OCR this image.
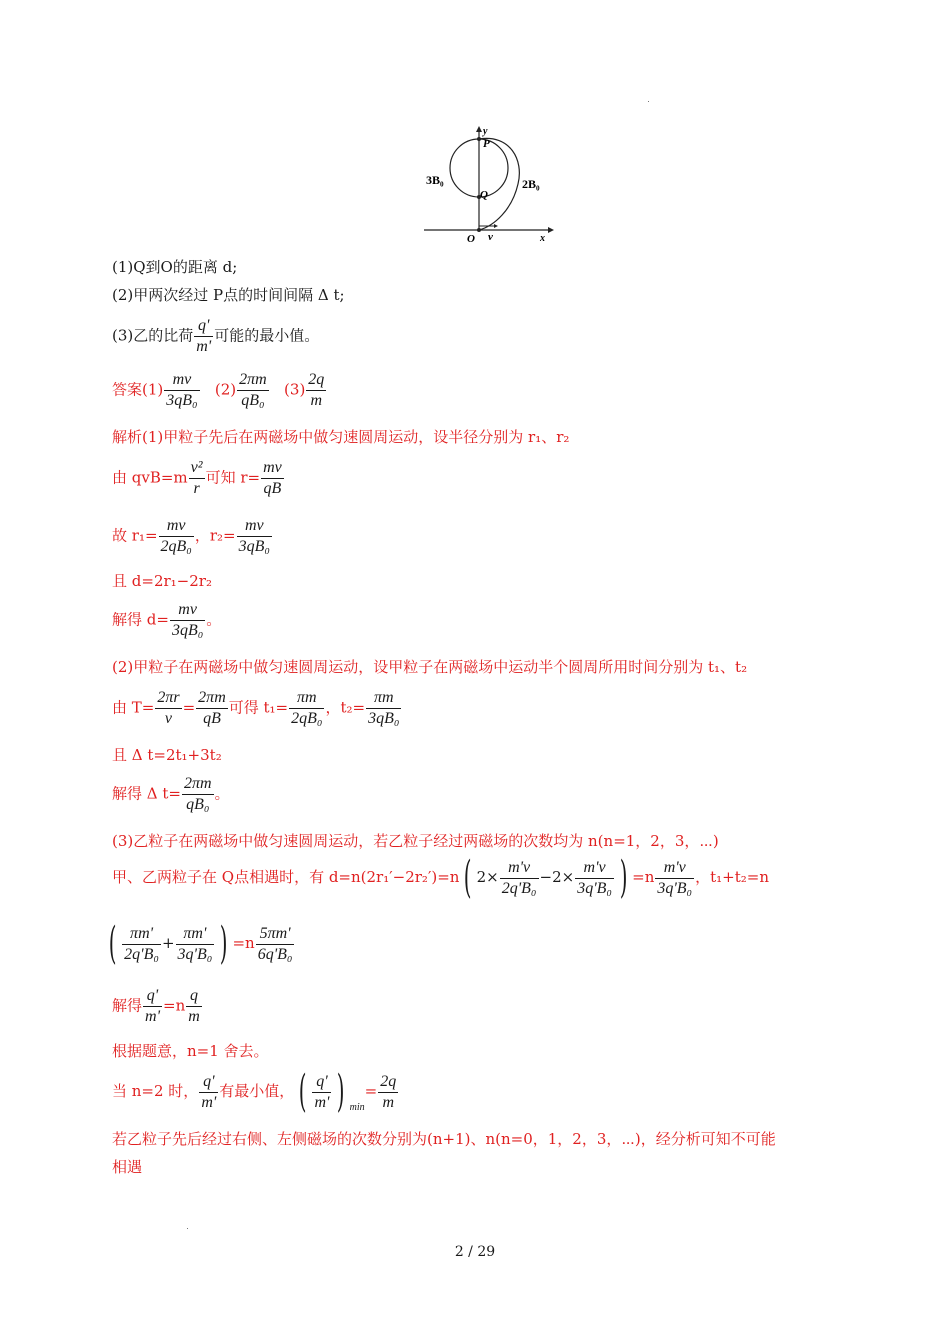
y
x
P
Q
O v
3B₀	2B₀
(1)Q到O的距离 d;
(2)甲两次经过 P点的时间间隔 Δ t;
(3)乙的比荷 $\frac{q'}{m'}$ 可能的最小值。
答案$(1) \frac{mv}{\text{3qB₀}} (2) \frac{2\pi m}{\text{qB₀}} (3) \frac{2q}{m}$
解析(1)甲粒子先后在两磁场中做匀速圆周运动，设半径分别为 r₁、r₂
由 $qvB=m \frac{\text{v²}}{r}$ 可知 $r= \frac{mv}{qB}$
故 $r_1= \frac{mv}{\text{2qB₀}}$ ，$r_2= \frac{mv}{\text{3qB₀}}$
且 d=2r₁−2r₂
解得 $d= \frac{mv}{\text{3qB₀}}$ 。
(2)甲粒子在两磁场中做匀速圆周运动，设甲粒子在两磁场中运动半个圆周所用时间分别为 t₁、t₂
由 $T= \frac{2\pi r}{v} = \frac{2\pi m}{qB}$ 可得 $t_1= \frac{\pi m}{\text{2qB₀}}$ ，$t_2= \frac{\pi m}{\text{3qB₀}}$
且 Δ t=2t₁+3t₂
解得 Δ $t= \frac{2\pi m}{\text{qB₀}}$ 。
(3)乙粒子在两磁场中做匀速圆周运动，若乙粒子经过两磁场的次数均为 n(n=1，2，3，⋯)
甲、乙两粒子在 Q点相遇时，有 d=n(2r₁′−2r₂′)=n ( $2\times \frac{m'v}{\text{2q'B₀}} -2\times \frac{m'v}{\text{3q'B₀}}$ ) $=n \frac{m'v}{\text{3q'B₀}}$ ，t₁+t₂=n
( $\frac{\pi m'}{\text{2q'B₀}} + \frac{\pi m'}{\text{3q'B₀}}$ ) $=n \frac{5\pi m'}{\text{6q'B₀}}$
解得 $\frac{q'}{m'} =n \frac{q}{m}$
根据题意，n=1 舍去。
当 n=2 时， $\frac{q'}{m'}$ 有最小值， ( $\frac{q'}{m'}$ ) $_{min}= \frac{2q}{m}$
若乙粒子先后经过右侧、左侧磁场的次数分别为(n+1)、n(n=0，1，2，3，⋯)，经分析可知不可能
相遇
2 / 29
